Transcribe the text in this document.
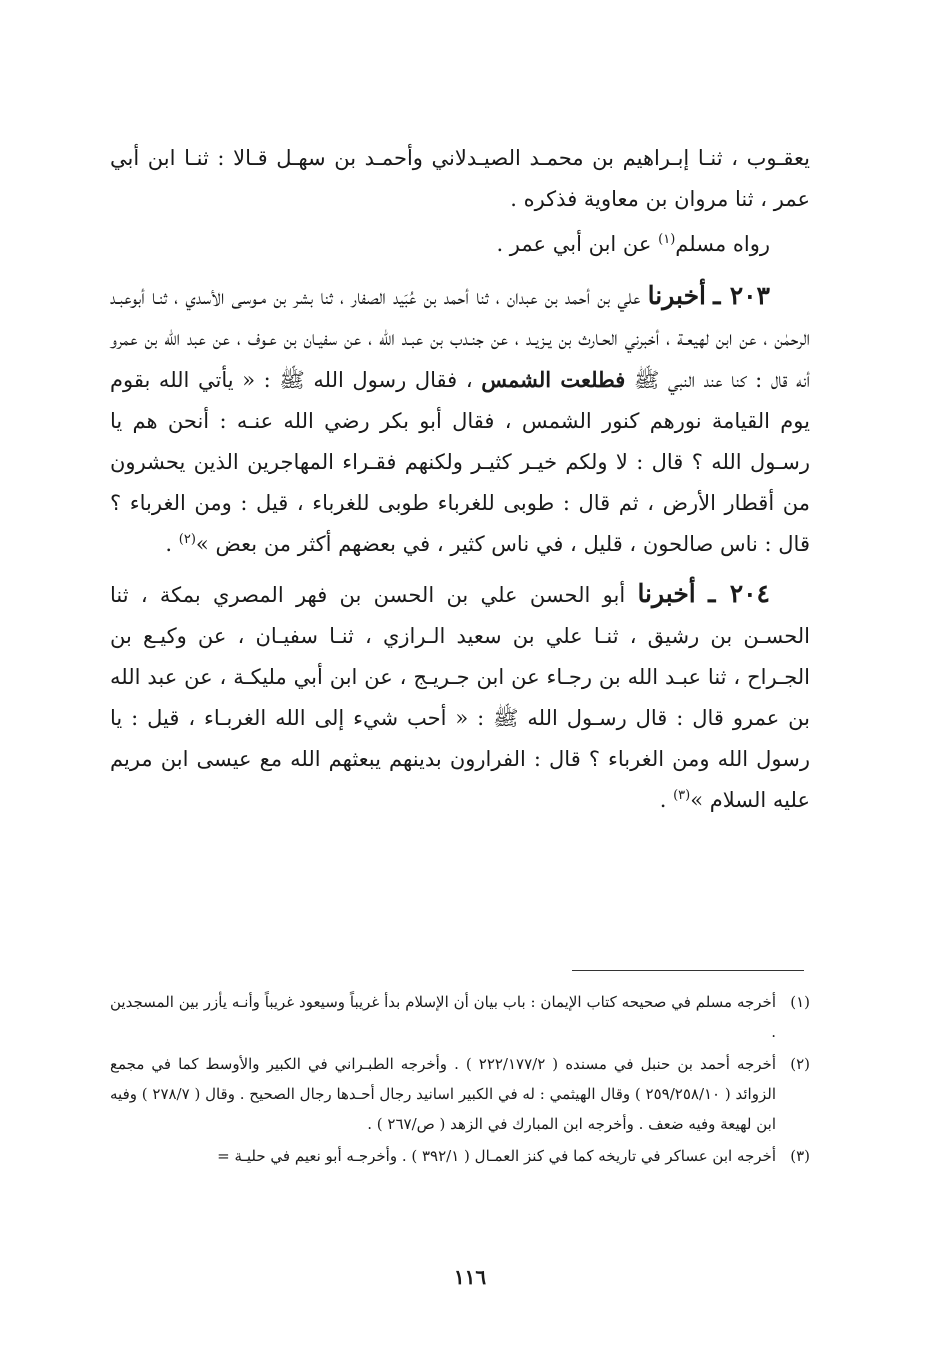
يعقـوب ، ثنـا إبـراهيم بن محمـد الصيـدلاني وأحمـد بن سهـل قـالا : ثنـا ابن أبي عمر ، ثنا مروان بن معاوية فذكره .

رواه مسلم$^{(١)}$ عن ابن أبي عمر .

٢٠٣ ـ أخبرنا علي بن أحمد بن عبدان ، ثنا أحمد بن عُبَيد الصفار ، ثنا بشر بن مـوسى الأسدي ، ثنـا أبوعبـد الرحمٰن ، عن ابن لهيعـة ، أخبرني الحـارث بن يـزيـد ، عن جنـدب بن عبـد الله ، عن سفيـان بن عـوف ، عن عبد الله بن عمرو أنه قال : كنا عند النبي ﷺ فطلعت الشمس ، فقال رسول الله ﷺ : « يأتي الله بقوم يوم القيامة نورهم كنور الشمس ، فقال أبو بكر رضي الله عنـه : أنحن هم يا رسـول الله ؟ قال : لا ولكم خيـر كثيـر ولكنهم فقـراء المهاجرين الذين يحشرون من أقطار الأرض ، ثم قال : طوبى للغرباء طوبى للغرباء ، قيل : ومن الغرباء ؟ قال : ناس صالحون ، قليل ، في ناس كثير ، في بعضهم أكثر من بعض »$^{(٢)}$ .

٢٠٤ ـ أخبرنا أبو الحسن علي بن الحسن بن فهر المصري بمكة ، ثنا الحسـن بن رشيق ، ثنـا علي بن سعيد الـرازي ، ثنـا سفيـان ، عن وكيـع بن الجـراح ، ثنا عبـد الله بن رجـاء عن ابن جـريـج ، عن ابن أبي مليكـة ، عن عبد الله بن عمرو قال : قال رسـول الله ﷺ : « أحب شيء إلى الله الغربـاء ، قيل : يا رسول الله ومن الغرباء ؟ قال : الفرارون بدينهم يبعثهم الله مع عيسى ابن مريم عليه السلام »$^{(٣)}$ .

(١)
أخرجه مسلم في صحيحه كتاب الإيمان : باب بيان أن الإسلام بدأ غريباً وسيعود غريباً وأنـه يأزر بين المسجدين .
(٢)
أخرجه أحمد بن حنبل في مسنده ( ٢٢٢/١٧٧/٢ ) . وأخرجه الطبـراني في الكبير والأوسط كما في مجمع الزوائد ( ٢٥٩/٢٥٨/١٠ ) وقال الهيثمي : له في الكبير اسانيد رجال أحـدها رجال الصحيح . وقال ( ٢٧٨/٧ ) وفيه ابن لهيعة وفيه ضعف . وأخرجه ابن المبارك في الزهد ( ص/٢٦٧ ) .
(٣)
أخرجه ابن عساكر في تاريخه كما في كنز العمـال ( ٣٩٢/١ ) . وأخرجـه أبو نعيم في حليـة =
١١٦
